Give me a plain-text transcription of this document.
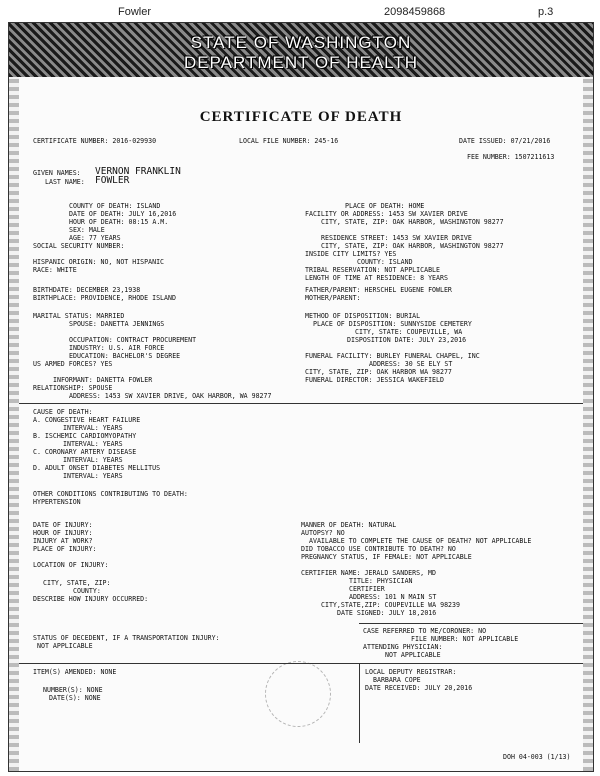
Fowler	2098459868	p.3
STATE OF WASHINGTON
DEPARTMENT OF HEALTH
CERTIFICATE OF DEATH
CERTIFICATE NUMBER: 2016-029930	LOCAL FILE NUMBER: 245-16	DATE ISSUED: 07/21/2016
FEE NUMBER: 1507211613
GIVEN NAMES: VERNON FRANKLIN
LAST NAME: FOWLER
COUNTY OF DEATH: ISLAND
DATE OF DEATH: JULY 16,2016
HOUR OF DEATH: 08:15 A.M.
SEX: MALE
AGE: 77 YEARS
SOCIAL SECURITY NUMBER:
HISPANIC ORIGIN: NO, NOT HISPANIC
RACE: WHITE
BIRTHDATE: DECEMBER 23,1938
BIRTHPLACE: PROVIDENCE, RHODE ISLAND
MARITAL STATUS: MARRIED
SPOUSE: DANETTA JENNINGS
OCCUPATION: CONTRACT PROCUREMENT
INDUSTRY: U.S. AIR FORCE
EDUCATION: BACHELOR'S DEGREE
US ARMED FORCES? YES
INFORMANT: DANETTA FOWLER
RELATIONSHIP: SPOUSE
ADDRESS: 1453 SW XAVIER DRIVE, OAK HARBOR, WA 98277
PLACE OF DEATH: HOME
FACILITY OR ADDRESS: 1453 SW XAVIER DRIVE
CITY, STATE, ZIP: OAK HARBOR, WASHINGTON 98277
RESIDENCE STREET: 1453 SW XAVIER DRIVE
CITY, STATE, ZIP: OAK HARBOR, WASHINGTON 98277
INSIDE CITY LIMITS? YES
COUNTY: ISLAND
TRIBAL RESERVATION: NOT APPLICABLE
LENGTH OF TIME AT RESIDENCE: 8 YEARS
FATHER/PARENT: HERSCHEL EUGENE FOWLER
MOTHER/PARENT:
METHOD OF DISPOSITION: BURIAL
PLACE OF DISPOSITION: SUNNYSIDE CEMETERY
CITY, STATE: COUPEVILLE, WA
DISPOSITION DATE: JULY 23,2016
FUNERAL FACILITY: BURLEY FUNERAL CHAPEL, INC
ADDRESS: 30 SE ELY ST
CITY, STATE, ZIP: OAK HARBOR WA 98277
FUNERAL DIRECTOR: JESSICA WAKEFIELD
CAUSE OF DEATH:
A. CONGESTIVE HEART FAILURE
INTERVAL: YEARS
B. ISCHEMIC CARDIOMYOPATHY
INTERVAL: YEARS
C. CORONARY ARTERY DISEASE
INTERVAL: YEARS
D. ADULT ONSET DIABETES MELLITUS
INTERVAL: YEARS
OTHER CONDITIONS CONTRIBUTING TO DEATH:
HYPERTENSION
DATE OF INJURY:
HOUR OF INJURY:
INJURY AT WORK?
PLACE OF INJURY:
LOCATION OF INJURY:
CITY, STATE, ZIP:
COUNTY:
DESCRIBE HOW INJURY OCCURRED:
STATUS OF DECEDENT, IF A TRANSPORTATION INJURY:
NOT APPLICABLE
MANNER OF DEATH: NATURAL
AUTOPSY? NO
AVAILABLE TO COMPLETE THE CAUSE OF DEATH? NOT APPLICABLE
DID TOBACCO USE CONTRIBUTE TO DEATH? NO
PREGNANCY STATUS, IF FEMALE: NOT APPLICABLE
CERTIFIER NAME: JERALD SANDERS, MD
TITLE: PHYSICIAN
CERTIFIER
ADDRESS: 101 N MAIN ST
CITY,STATE,ZIP: COUPEVILLE WA 98239
DATE SIGNED: JULY 18,2016
CASE REFERRED TO ME/CORONER: NO
FILE NUMBER: NOT APPLICABLE
ATTENDING PHYSICIAN:
NOT APPLICABLE
ITEM(S) AMENDED: NONE
NUMBER(S): NONE
DATE(S): NONE
LOCAL DEPUTY REGISTRAR:
BARBARA COPE
DATE RECEIVED: JULY 20,2016
DOH 04-003 (1/13)
